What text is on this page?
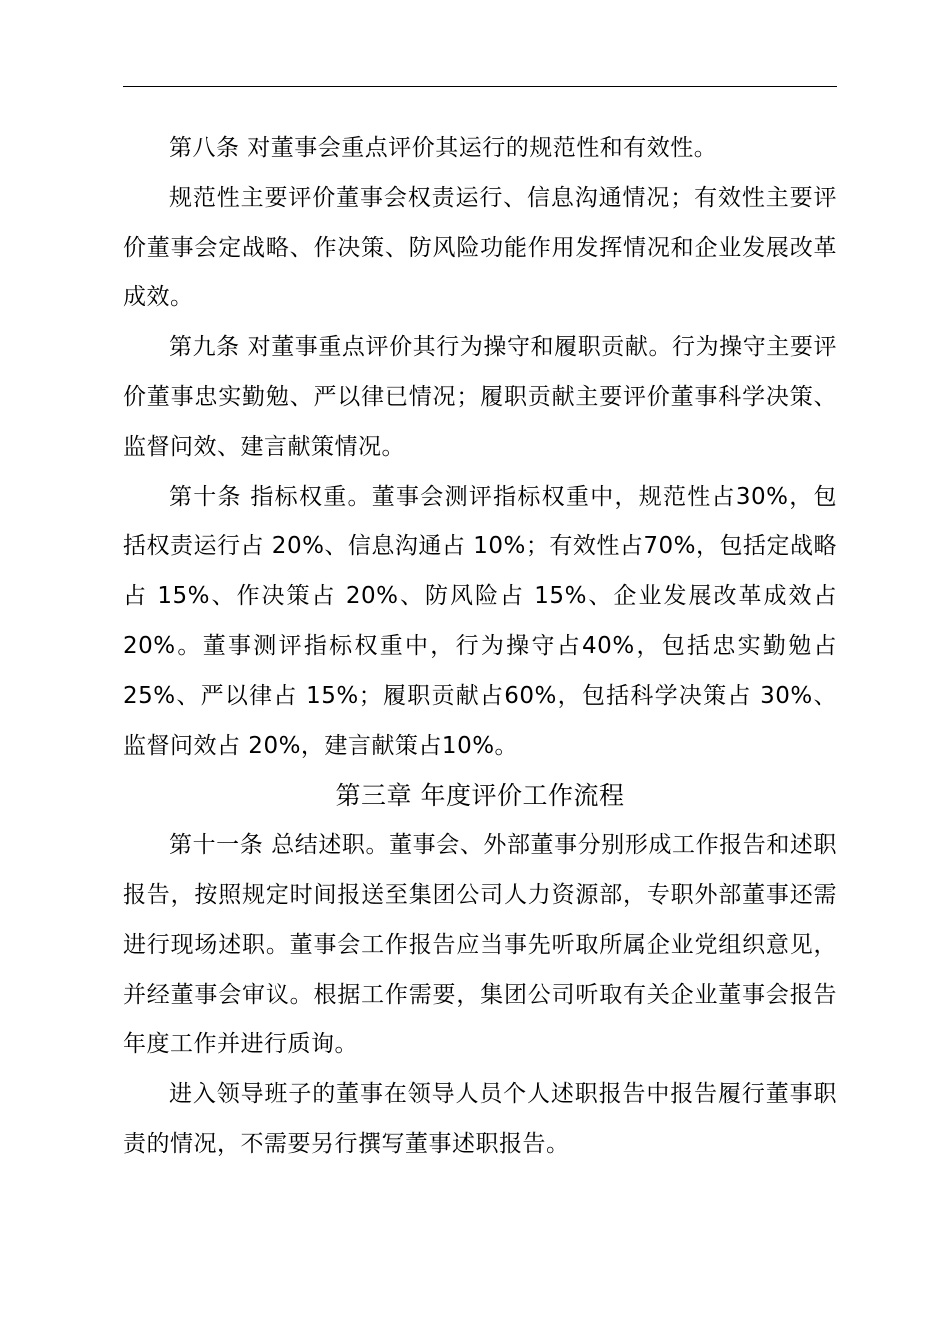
第八条 对董事会重点评价其运行的规范性和有效性。

规范性主要评价董事会权责运行、信息沟通情况；有效性主要评价董事会定战略、作决策、防风险功能作用发挥情况和企业发展改革成效。

第九条 对董事重点评价其行为操守和履职贡献。行为操守主要评价董事忠实勤勉、严以律已情况；履职贡献主要评价董事科学决策、监督问效、建言献策情况。

第十条 指标权重。董事会测评指标权重中，规范性占30%，包括权责运行占 20%、信息沟通占 10%；有效性占70%，包括定战略占 15%、作决策占 20%、防风险占 15%、企业发展改革成效占 20%。董事测评指标权重中，行为操守占40%，包括忠实勤勉占 25%、严以律占 15%；履职贡献占60%，包括科学决策占 30%、监督问效占 20%，建言献策占10%。

第三章 年度评价工作流程

第十一条 总结述职。董事会、外部董事分别形成工作报告和述职报告，按照规定时间报送至集团公司人力资源部，专职外部董事还需进行现场述职。董事会工作报告应当事先听取所属企业党组织意见，并经董事会审议。根据工作需要，集团公司听取有关企业董事会报告年度工作并进行质询。

进入领导班子的董事在领导人员个人述职报告中报告履行董事职责的情况，不需要另行撰写董事述职报告。
